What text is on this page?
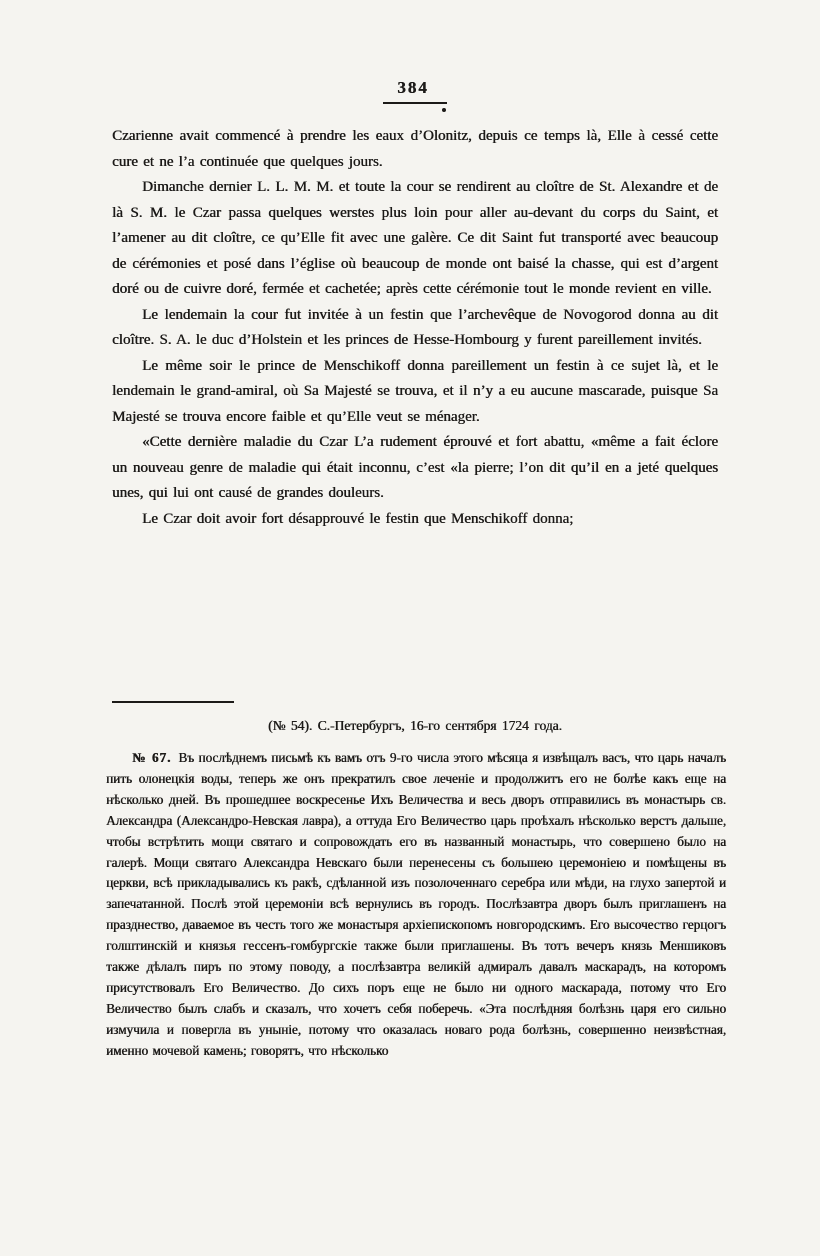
384

Czarienne avait commencé à prendre les eaux d’Olonitz, depuis ce temps là, Elle à cessé cette cure et ne l’a continuée que quelques jours.

Dimanche dernier L. L. M. M. et toute la cour se rendirent au cloître de St. Alexandre et de là S. M. le Czar passa quelques werstes plus loin pour aller au-devant du corps du Saint, et l’amener au dit cloître, ce qu’Elle fit avec une galère. Ce dit Saint fut transporté avec beaucoup de cérémonies et posé dans l’église où beaucoup de monde ont baisé la chasse, qui est d’argent doré ou de cuivre doré, fermée et cachetée; après cette cérémonie tout le monde revient en ville.

Le lendemain la cour fut invitée à un festin que l’archevêque de Novogorod donna au dit cloître. S. A. le duc d’Holstein et les princes de Hesse-Hombourg y furent pareillement invités.

Le même soir le prince de Menschikoff donna pareillement un festin à ce sujet là, et le lendemain le grand-amiral, où Sa Majesté se trouva, et il n’y a eu aucune mascarade, puisque Sa Majesté se trouva encore faible et qu’Elle veut se ménager.

«Cette dernière maladie du Czar L’a rudement éprouvé et fort abattu, «même a fait éclore un nouveau genre de maladie qui était inconnu, c’est «la pierre; l’on dit qu’il en a jeté quelques unes, qui lui ont causé de grandes douleurs.

Le Czar doit avoir fort désapprouvé le festin que Menschikoff donna;

(№ 54). С.-Петербургъ, 16-го сентября 1724 года.

№ 67. Въ послѣднемъ письмѣ къ вамъ отъ 9-го числа этого мѣсяца я извѣщалъ васъ, что царь началъ пить олонецкія воды, теперь же онъ прекратилъ свое леченіе и продолжитъ его не болѣе какъ еще на нѣсколько дней. Въ прошедшее воскресенье Ихъ Величества и весь дворъ отправились въ монастырь св. Александра (Александро-Невская лавра), а оттуда Его Величество царь проѣхалъ нѣсколько верстъ дальше, чтобы встрѣтить мощи святаго и сопровождать его въ названный монастырь, что совершено было на галерѣ. Мощи святаго Александра Невскаго были перенесены съ большею церемоніею и помѣщены въ церкви, всѣ прикладывались къ ракѣ, сдѣланной изъ позолоченнаго серебра или мѣди, на глухо запертой и запечатанной. Послѣ этой церемоніи всѣ вернулись въ городъ. Послѣзавтра дворъ былъ приглашенъ на празднество, даваемое въ честь того же монастыря архіепископомъ новгородскимъ. Его высочество герцогъ голштинскій и князья гессенъ-гомбургскіе также были приглашены. Въ тотъ вечеръ князь Меншиковъ также дѣлалъ пиръ по этому поводу, а послѣзавтра великій адмиралъ давалъ маскарадъ, на которомъ присутствовалъ Его Величество. До сихъ поръ еще не было ни одного маскарада, потому что Его Величество былъ слабъ и сказалъ, что хочетъ себя поберечь. «Эта послѣдняя болѣзнь царя его сильно измучила и повергла въ уныніе, потому что оказалась новаго рода болѣзнь, совершенно неизвѣстная, именно мочевой камень; говорятъ, что нѣсколько
